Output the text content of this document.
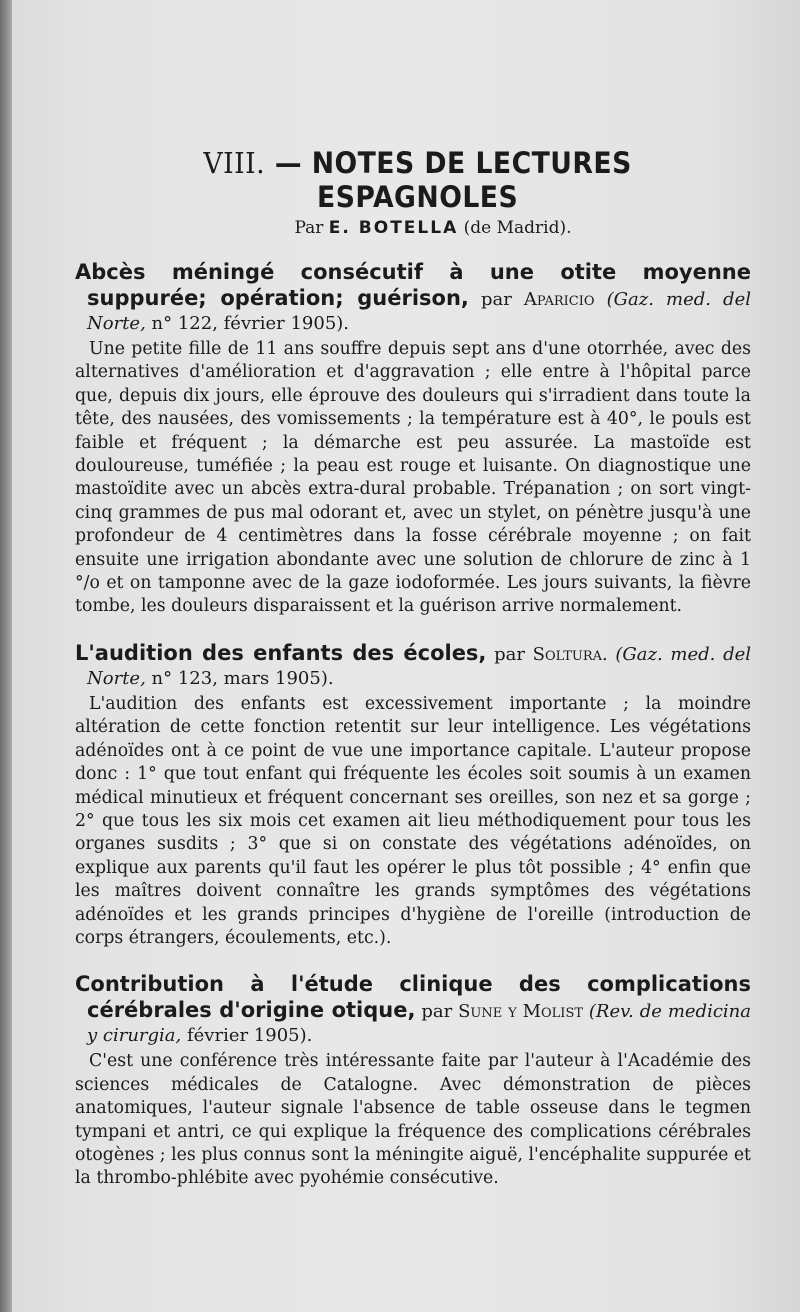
VIII. — NOTES DE LECTURES ESPAGNOLES

Par E. BOTELLA (de Madrid).

Abcès méningé consécutif à une otite moyenne suppurée; opération; guérison, par Aparicio (Gaz. med. del Norte, n° 122, février 1905).

Une petite fille de 11 ans souffre depuis sept ans d'une otorrhée, avec des alternatives d'amélioration et d'aggravation ; elle entre à l'hôpital parce que, depuis dix jours, elle éprouve des douleurs qui s'irradient dans toute la tête, des nausées, des vomissements ; la température est à 40°, le pouls est faible et fréquent ; la démarche est peu assurée. La mastoïde est douloureuse, tuméfiée ; la peau est rouge et luisante. On diagnostique une mastoïdite avec un abcès extra-dural probable. Trépanation ; on sort vingt-cinq grammes de pus mal odorant et, avec un stylet, on pénètre jusqu'à une profondeur de 4 centimètres dans la fosse cérébrale moyenne ; on fait ensuite une irrigation abondante avec une solution de chlorure de zinc à 1 °/o et on tamponne avec de la gaze iodoformée. Les jours suivants, la fièvre tombe, les douleurs disparaissent et la guérison arrive normalement.

L'audition des enfants des écoles, par Soltura. (Gaz. med. del Norte, n° 123, mars 1905).

L'audition des enfants est excessivement importante ; la moindre altération de cette fonction retentit sur leur intelligence. Les végétations adénoïdes ont à ce point de vue une importance capitale. L'auteur propose donc : 1° que tout enfant qui fréquente les écoles soit soumis à un examen médical minutieux et fréquent concernant ses oreilles, son nez et sa gorge ; 2° que tous les six mois cet examen ait lieu méthodiquement pour tous les organes susdits ; 3° que si on constate des végétations adénoïdes, on explique aux parents qu'il faut les opérer le plus tôt possible ; 4° enfin que les maîtres doivent connaître les grands symptômes des végétations adénoïdes et les grands principes d'hygiène de l'oreille (introduction de corps étrangers, écoulements, etc.).

Contribution à l'étude clinique des complications cérébrales d'origine otique, par Sune y Molist (Rev. de medicina y cirurgia, février 1905).

C'est une conférence très intéressante faite par l'auteur à l'Académie des sciences médicales de Catalogne. Avec démonstration de pièces anatomiques, l'auteur signale l'absence de table osseuse dans le tegmen tympani et antri, ce qui explique la fréquence des complications cérébrales otogènes ; les plus connus sont la méningite aiguë, l'encéphalite suppurée et la thrombo-phlébite avec pyohémie consécutive.
